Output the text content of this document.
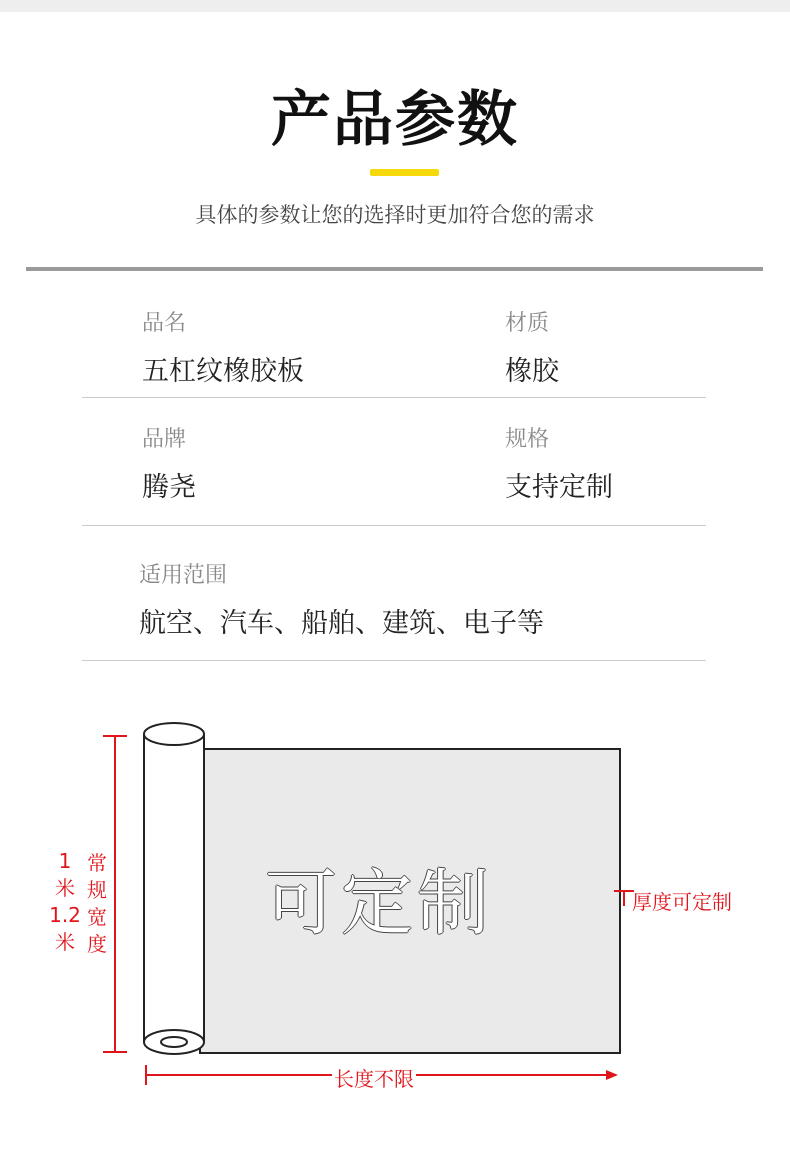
产品参数
具体的参数让您的选择时更加符合您的需求
品名
五杠纹橡胶板
材质
橡胶
品牌
腾尧
规格
支持定制
适用范围
航空、汽车、船舶、建筑、电子等
可定制	厚度可定制
长度不限
1
米
1.2
米
常
规
宽
度
